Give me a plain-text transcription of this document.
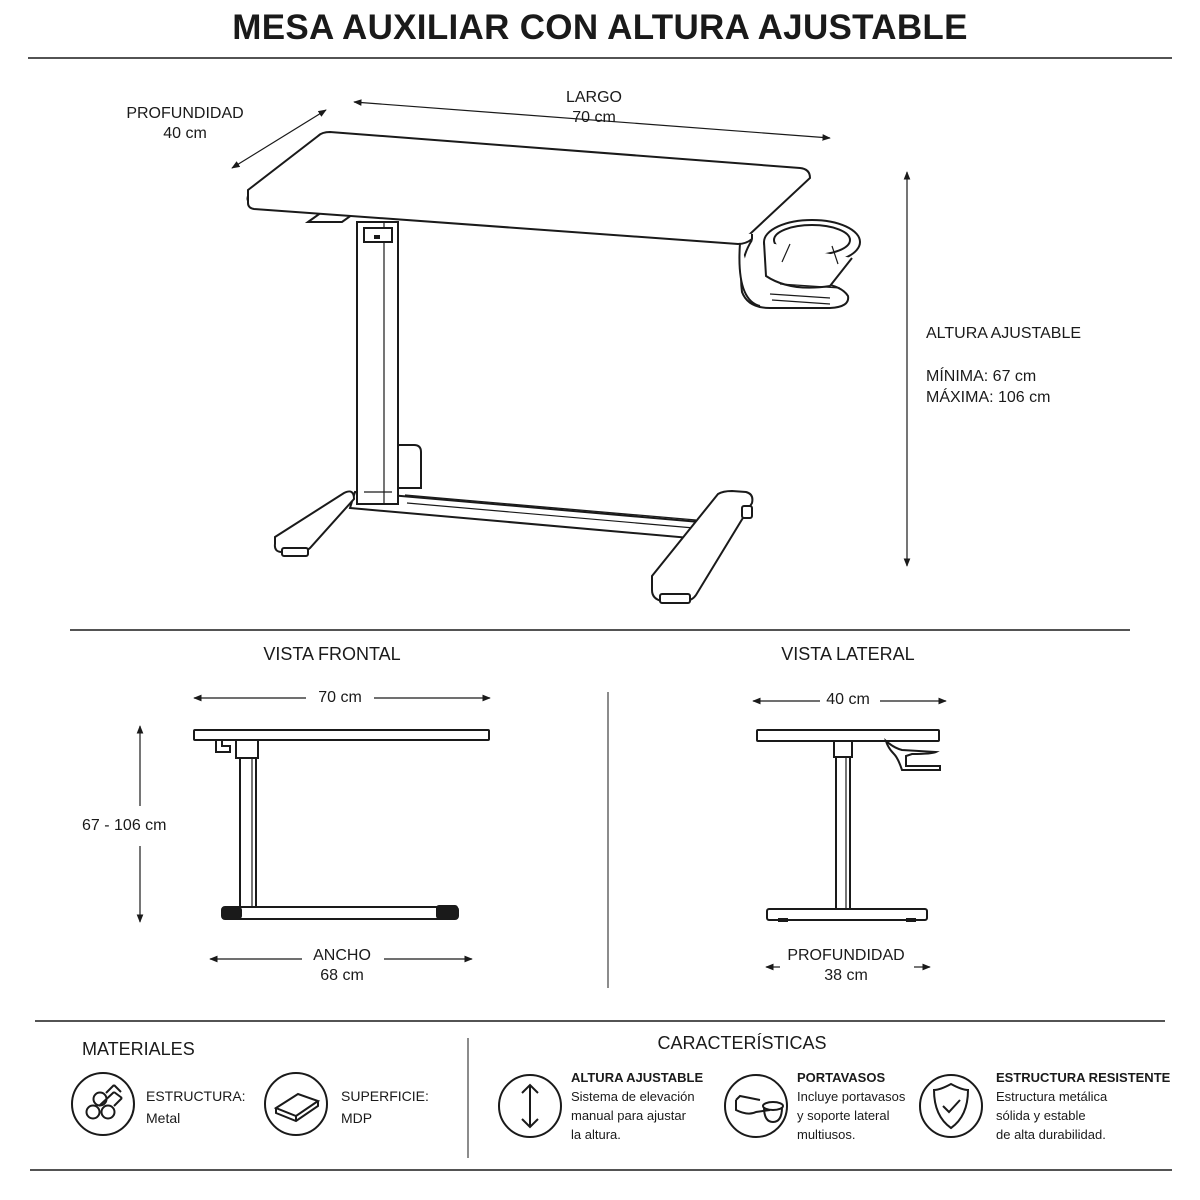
MESA AUXILIAR CON ALTURA AJUSTABLE
PROFUNDIDAD
40 cm
LARGO
70 cm
ALTURA AJUSTABLE
MÍNIMA: 67 cm
MÁXIMA: 106 cm
VISTA FRONTAL
70 cm
67 - 106 cm
ANCHO
68 cm
VISTA LATERAL
40 cm
PROFUNDIDAD
38 cm
MATERIALES
ESTRUCTURA:
Metal
SUPERFICIE:
MDP
CARACTERÍSTICAS
ALTURA AJUSTABLE
Sistema de elevación
manual para ajustar
la altura.
PORTAVASOS
Incluye portavasos
y soporte lateral
multiusos.
ESTRUCTURA RESISTENTE
Estructura metálica
sólida y estable
de alta durabilidad.
